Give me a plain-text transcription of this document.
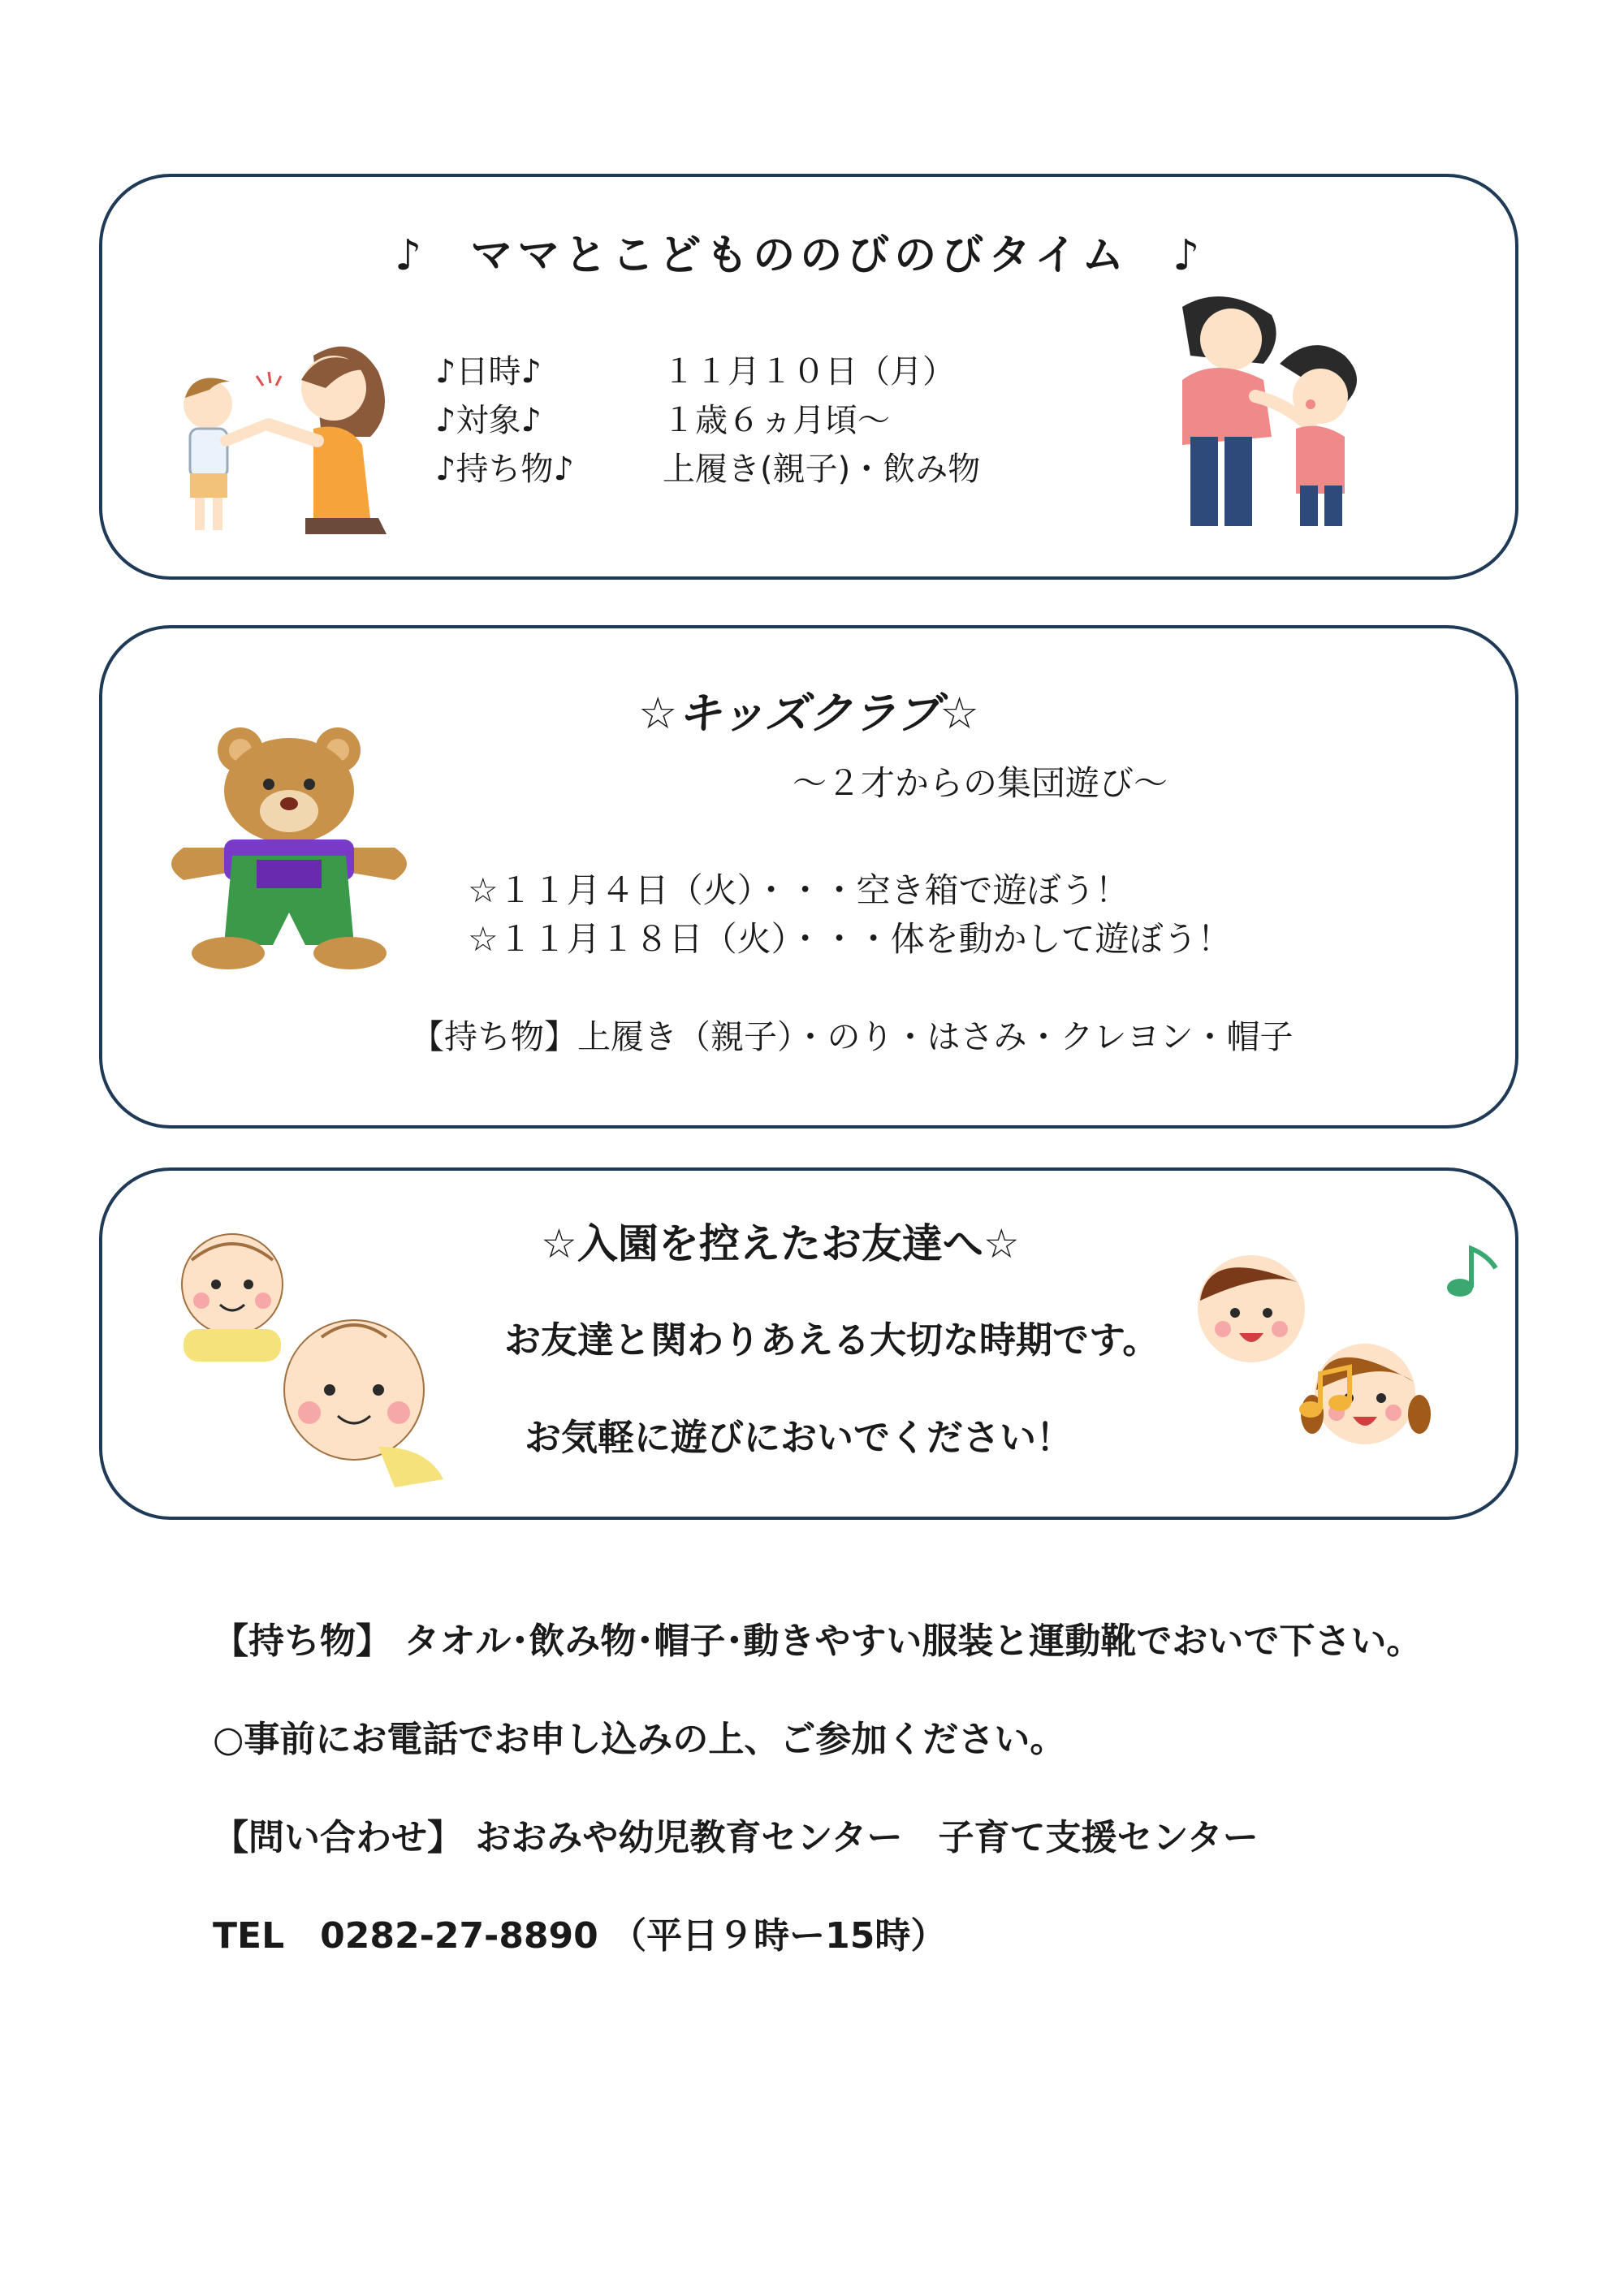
♪ ママとこどもののびのびタイム ♪
♪日時♪
♪対象♪
♪持ち物♪
１１月１０日（月）
１歳６ヵ月頃～
上履き(親子)・飲み物
☆キッズクラブ☆
～２才からの集団遊び～
☆１１月４日（火）・・・空き箱で遊ぼう！
☆１１月１８日（火）・・・体を動かして遊ぼう！
【持ち物】上履き（親子）・のり・はさみ・クレヨン・帽子
☆入園を控えたお友達へ☆
お友達と関わりあえる大切な時期です。
お気軽に遊びにおいでください！
【持ち物】 タオル･飲み物･帽子･動きやすい服装と運動靴でおいで下さい。
○事前にお電話でお申し込みの上、ご参加ください。
【問い合わせ】 おおみや幼児教育センター　子育て支援センター
TEL　0282-27-8890 （平日９時ー15時）
